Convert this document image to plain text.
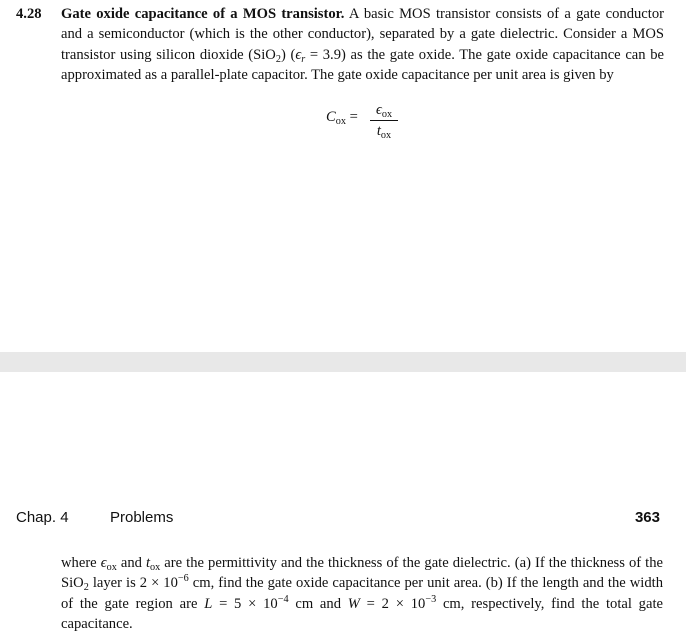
4.28 Gate oxide capacitance of a MOS transistor. A basic MOS transistor consists of a gate conductor and a semiconductor (which is the other conductor), separated by a gate dielectric. Consider a MOS transistor using silicon dioxide (SiO$_2$) $(\epsilon_r = 3.9)$ as the gate oxide. The gate oxide capacitance can be approximated as a parallel-plate capacitor. The gate oxide capacitance per unit area is given by
$C_{ox}$ =	$\epsilon_{ox}$
$t_{ox}$
Chap. 4	Problems	363
where $\epsilon_{ox}$ and $t_{ox}$ are the permittivity and the thickness of the gate dielectric. (a) If the thickness of the SiO$_2$ layer is $2 \times 10^{-6}$ cm, find the gate oxide capacitance per unit area. (b) If the length and the width of the gate region are $L = 5 \times 10^{-4}$ cm and $W = 2 \times 10^{-3}$ cm, respectively, find the total gate capacitance.
